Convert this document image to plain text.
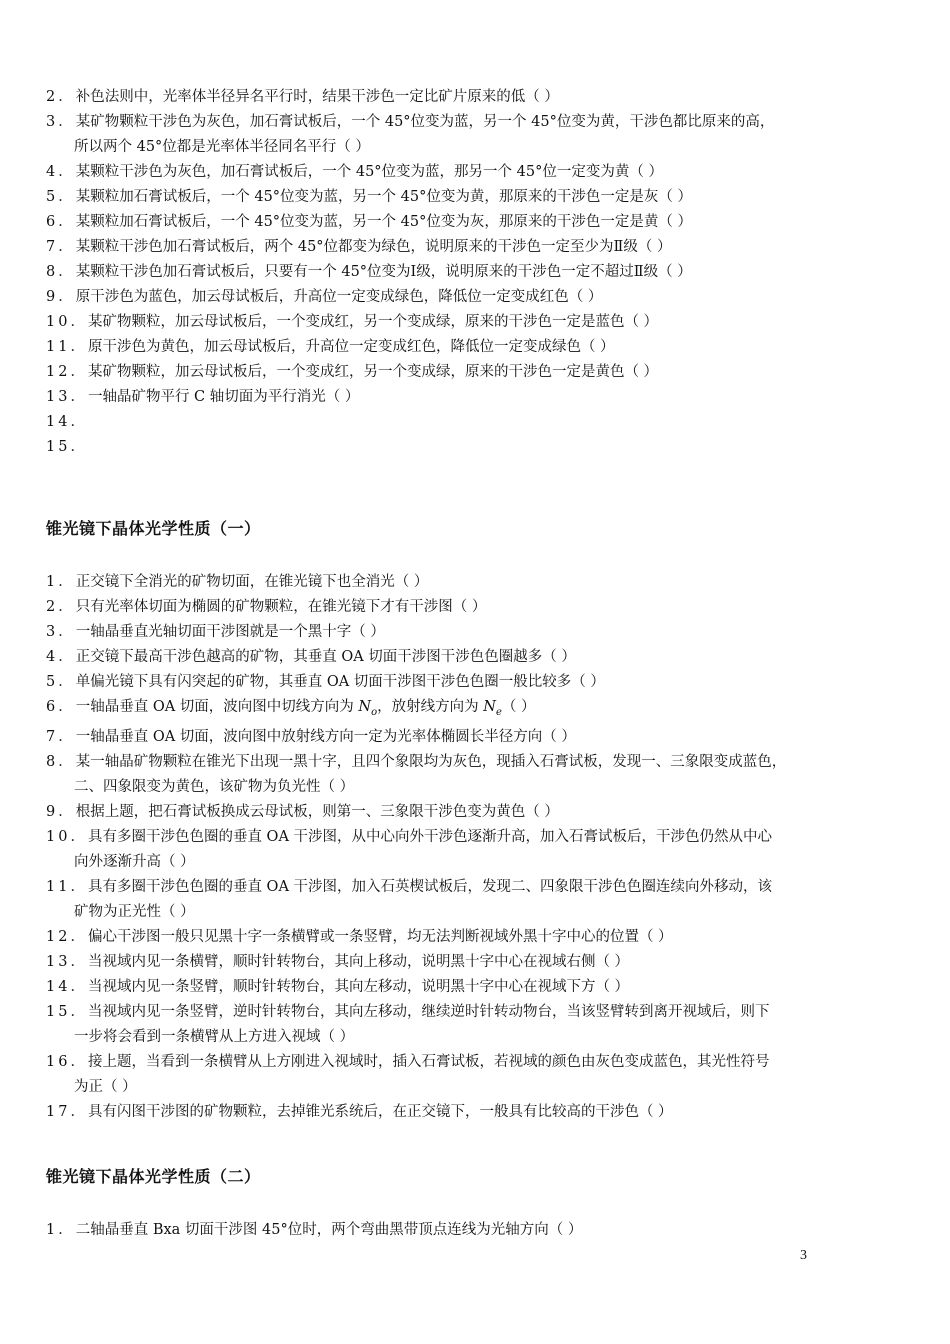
2．补色法则中，光率体半径异名平行时，结果干涉色一定比矿片原来的低（ ）
3．某矿物颗粒干涉色为灰色，加石膏试板后，一个 45°位变为蓝，另一个 45°位变为黄，干涉色都比原来的高，
所以两个 45°位都是光率体半径同名平行（ ）
4．某颗粒干涉色为灰色，加石膏试板后，一个 45°位变为蓝，那另一个 45°位一定变为黄（ ）
5．某颗粒加石膏试板后，一个 45°位变为蓝，另一个 45°位变为黄，那原来的干涉色一定是灰（ ）
6．某颗粒加石膏试板后，一个 45°位变为蓝，另一个 45°位变为灰，那原来的干涉色一定是黄（ ）
7．某颗粒干涉色加石膏试板后，两个 45°位都变为绿色，说明原来的干涉色一定至少为Ⅱ级（ ）
8．某颗粒干涉色加石膏试板后，只要有一个 45°位变为Ⅰ级，说明原来的干涉色一定不超过Ⅱ级（ ）
9．原干涉色为蓝色，加云母试板后，升高位一定变成绿色，降低位一定变成红色（ ）
10．某矿物颗粒，加云母试板后，一个变成红，另一个变成绿，原来的干涉色一定是蓝色（ ）
11．原干涉色为黄色，加云母试板后，升高位一定变成红色，降低位一定变成绿色（ ）
12．某矿物颗粒，加云母试板后，一个变成红，另一个变成绿，原来的干涉色一定是黄色（ ）
13．一轴晶矿物平行 C 轴切面为平行消光（ ）
14．
15．
锥光镜下晶体光学性质（一）
1．正交镜下全消光的矿物切面，在锥光镜下也全消光（ ）
2．只有光率体切面为椭圆的矿物颗粒，在锥光镜下才有干涉图（ ）
3．一轴晶垂直光轴切面干涉图就是一个黑十字（ ）
4．正交镜下最高干涉色越高的矿物，其垂直 OA 切面干涉图干涉色色圈越多（ ）
5．单偏光镜下具有闪突起的矿物，其垂直 OA 切面干涉图干涉色色圈一般比较多（ ）
6．一轴晶垂直 OA 切面，波向图中切线方向为 $N_o$，放射线方向为 $N_e$（ ）
7．一轴晶垂直 OA 切面，波向图中放射线方向一定为光率体椭圆长半径方向（ ）
8．某一轴晶矿物颗粒在锥光下出现一黑十字，且四个象限均为灰色，现插入石膏试板，发现一、三象限变成蓝色，
二、四象限变为黄色，该矿物为负光性（ ）
9．根据上题，把石膏试板换成云母试板，则第一、三象限干涉色变为黄色（ ）
10．具有多圈干涉色色圈的垂直 OA 干涉图，从中心向外干涉色逐渐升高，加入石膏试板后，干涉色仍然从中心
向外逐渐升高（ ）
11．具有多圈干涉色色圈的垂直 OA 干涉图，加入石英楔试板后，发现二、四象限干涉色色圈连续向外移动，该
矿物为正光性（ ）
12．偏心干涉图一般只见黑十字一条横臂或一条竖臂，均无法判断视域外黑十字中心的位置（ ）
13．当视域内见一条横臂，顺时针转物台，其向上移动，说明黑十字中心在视域右侧（ ）
14．当视域内见一条竖臂，顺时针转物台，其向左移动，说明黑十字中心在视域下方（ ）
15．当视域内见一条竖臂，逆时针转物台，其向左移动，继续逆时针转动物台，当该竖臂转到离开视域后，则下
一步将会看到一条横臂从上方进入视域（ ）
16．接上题，当看到一条横臂从上方刚进入视域时，插入石膏试板，若视域的颜色由灰色变成蓝色，其光性符号
为正（ ）
17．具有闪图干涉图的矿物颗粒，去掉锥光系统后，在正交镜下，一般具有比较高的干涉色（ ）
锥光镜下晶体光学性质（二）
1．二轴晶垂直 Bxa 切面干涉图 45°位时，两个弯曲黑带顶点连线为光轴方向（ ）
3
